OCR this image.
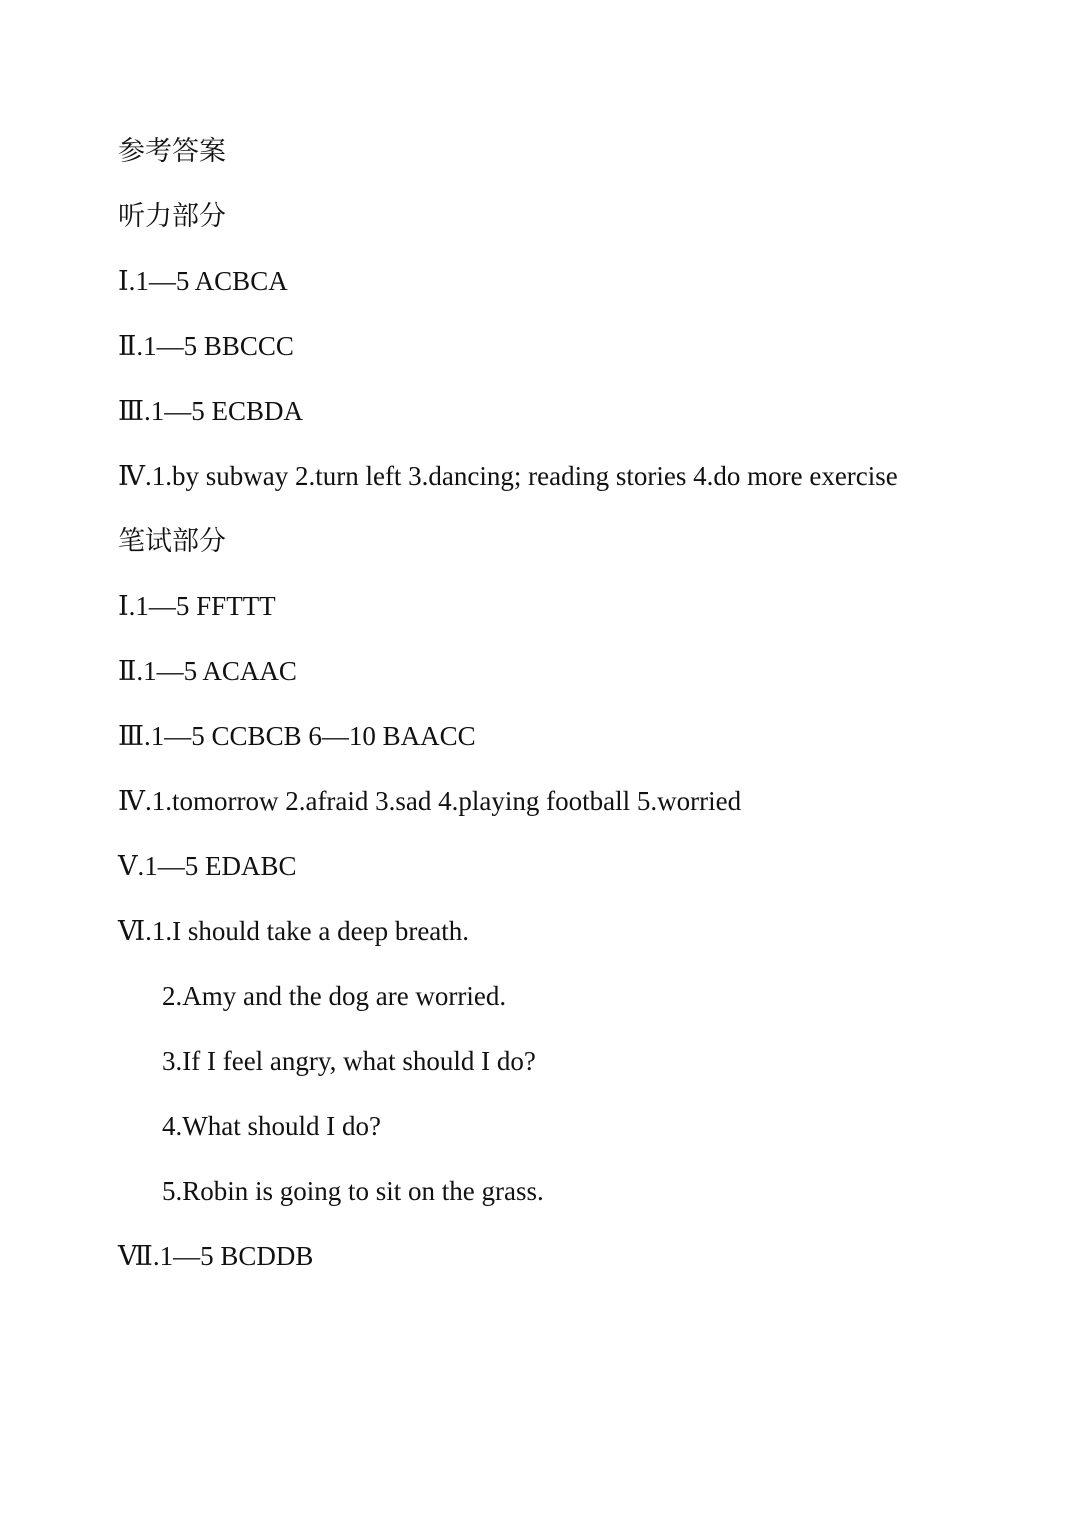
参考答案
听力部分
Ⅰ.1—5 ACBCA
Ⅱ.1—5 BBCCC
Ⅲ.1—5 ECBDA
Ⅳ.1.by subway 2.turn left 3.dancing; reading stories 4.do more exercise
笔试部分
Ⅰ.1—5 FFTTT
Ⅱ.1—5 ACAAC
Ⅲ.1—5 CCBCB 6—10 BAACC
Ⅳ.1.tomorrow 2.afraid 3.sad 4.playing football 5.worried
Ⅴ.1—5 EDABC
Ⅵ.1.I should take a deep breath.
2.Amy and the dog are worried.
3.If I feel angry, what should I do?
4.What should I do?
5.Robin is going to sit on the grass.
Ⅶ.1—5 BCDDB
